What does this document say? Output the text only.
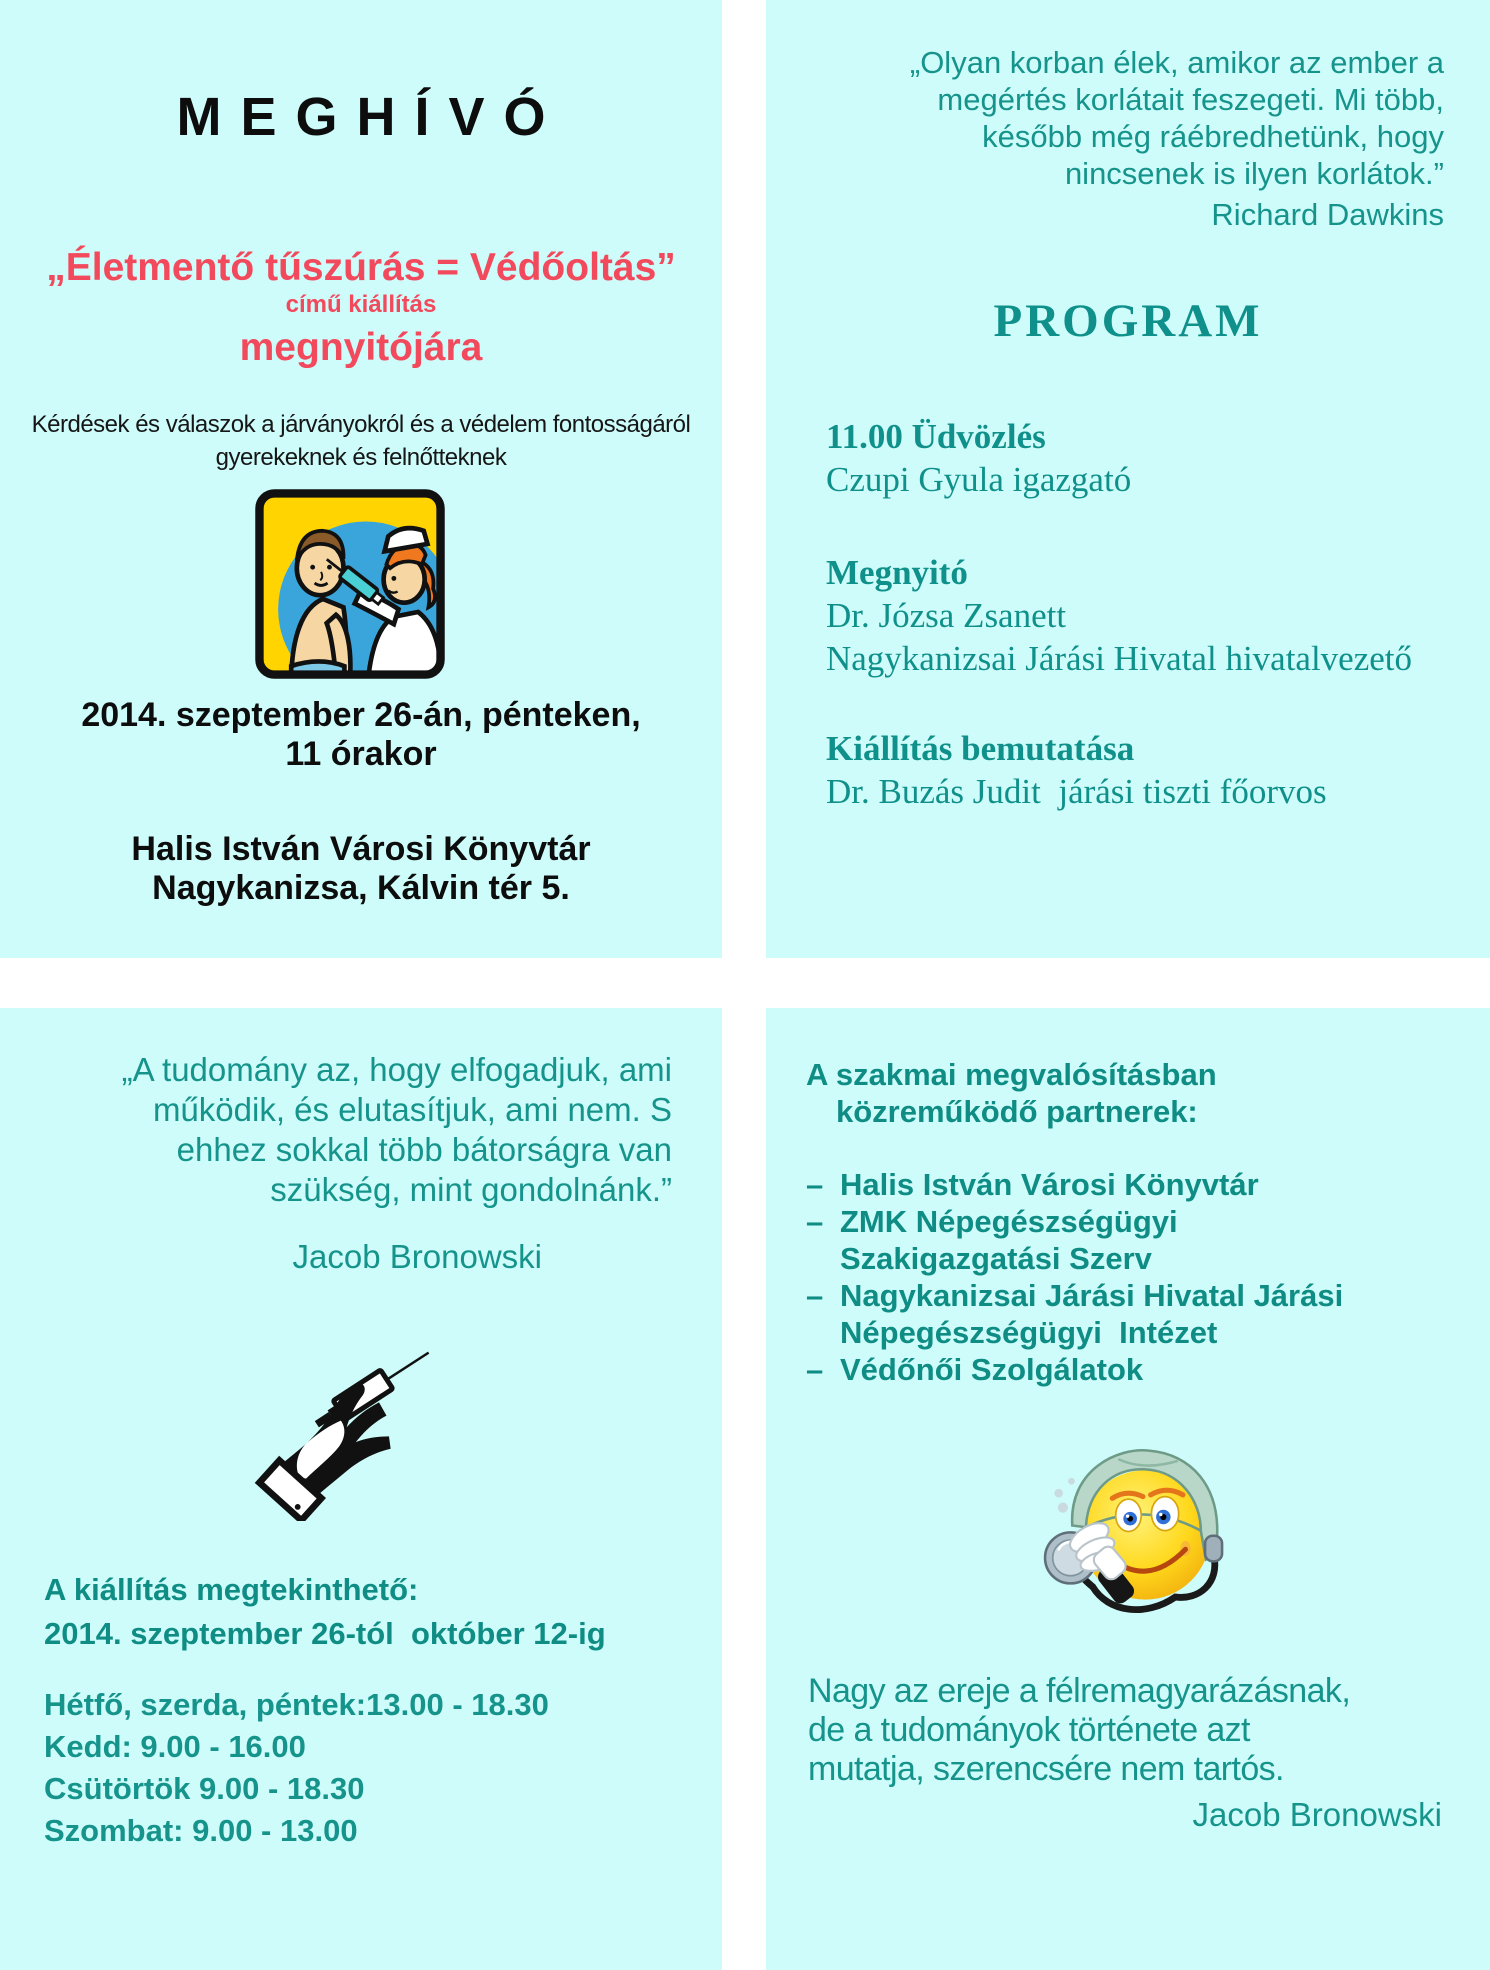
MEGHÍVÓ
„Életmentő tűszúrás = Védőoltás”
című kiállítás
megnyitójára
Kérdések és válaszok a járványokról és a védelem fontosságáról
gyerekeknek és felnőtteknek
2014. szeptember 26-án, pénteken,
11 órakor
Halis István Városi Könyvtár
Nagykanizsa, Kálvin tér 5.
„Olyan korban élek, amikor az ember a
megértés korlátait feszegeti. Mi több,
később még ráébredhetünk, hogy
nincsenek is ilyen korlátok.”
Richard Dawkins
PROGRAM
11.00 Üdvözlés
Czupi Gyula igazgató
Megnyitó
Dr. Józsa Zsanett
Nagykanizsai Járási Hivatal hivatalvezető
Kiállítás bemutatása
Dr. Buzás Judit  járási tiszti főorvos
„A tudomány az, hogy elfogadjuk, ami
működik, és elutasítjuk, ami nem. S
ehhez sokkal több bátorságra van
szükség, mint gondolnánk.”
Jacob Bronowski
A kiállítás megtekinthető:
2014. szeptember 26-tól  október 12-ig
Hétfő, szerda, péntek:13.00 - 18.30
Kedd: 9.00 - 16.00
Csütörtök 9.00 - 18.30
Szombat: 9.00 - 13.00
A szakmai megvalósításban
közreműködő partnerek:
– Halis István Városi Könyvtár
– ZMK Népegészségügyi
Szakigazgatási Szerv
– Nagykanizsai Járási Hivatal Járási
Népegészségügyi  Intézet
– Védőnői Szolgálatok
Nagy az ereje a félremagyarázásnak,
de a tudományok története azt
mutatja, szerencsére nem tartós.
Jacob Bronowski
